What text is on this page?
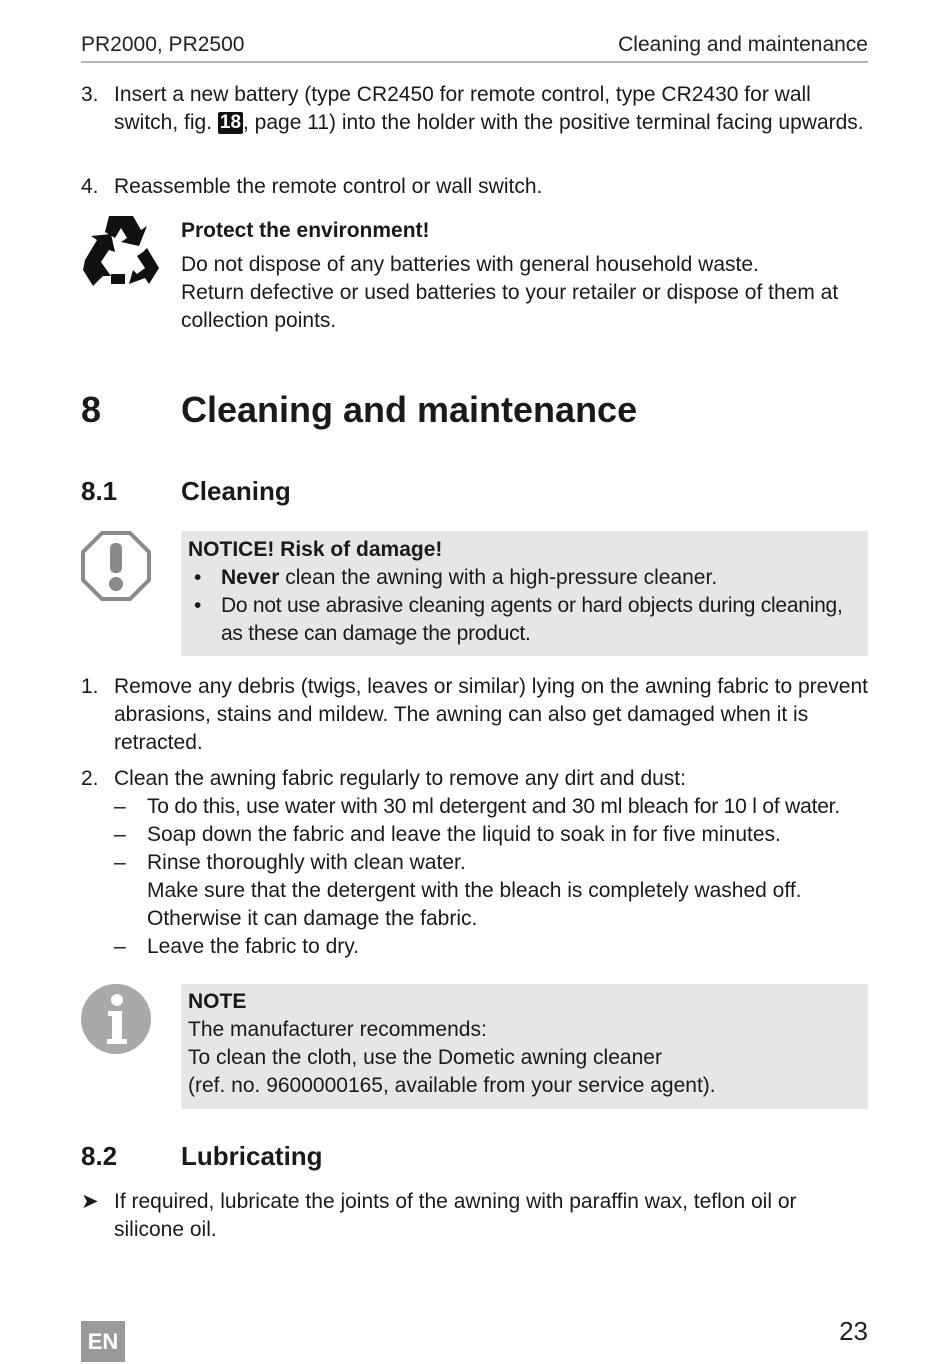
PR2000, PR2500	Cleaning and maintenance
3. Insert a new battery (type CR2450 for remote control, type CR2430 for wall switch, fig. 18, page 11) into the holder with the positive terminal facing upwards.
4. Reassemble the remote control or wall switch.
Protect the environment!
Do not dispose of any batteries with general household waste.
Return defective or used batteries to your retailer or dispose of them at collection points.
8 Cleaning and maintenance
8.1 Cleaning
NOTICE! Risk of damage!
• Never clean the awning with a high-pressure cleaner.
• Do not use abrasive cleaning agents or hard objects during cleaning, as these can damage the product.
1. Remove any debris (twigs, leaves or similar) lying on the awning fabric to prevent abrasions, stains and mildew. The awning can also get damaged when it is retracted.
2. Clean the awning fabric regularly to remove any dirt and dust:
– To do this, use water with 30 ml detergent and 30 ml bleach for 10 l of water.
– Soap down the fabric and leave the liquid to soak in for five minutes.
– Rinse thoroughly with clean water.
Make sure that the detergent with the bleach is completely washed off.
Otherwise it can damage the fabric.
– Leave the fabric to dry.
NOTE
The manufacturer recommends:
To clean the cloth, use the Dometic awning cleaner
(ref. no. 9600000165, available from your service agent).
8.2 Lubricating
➤ If required, lubricate the joints of the awning with paraffin wax, teflon oil or silicone oil.
EN	23
